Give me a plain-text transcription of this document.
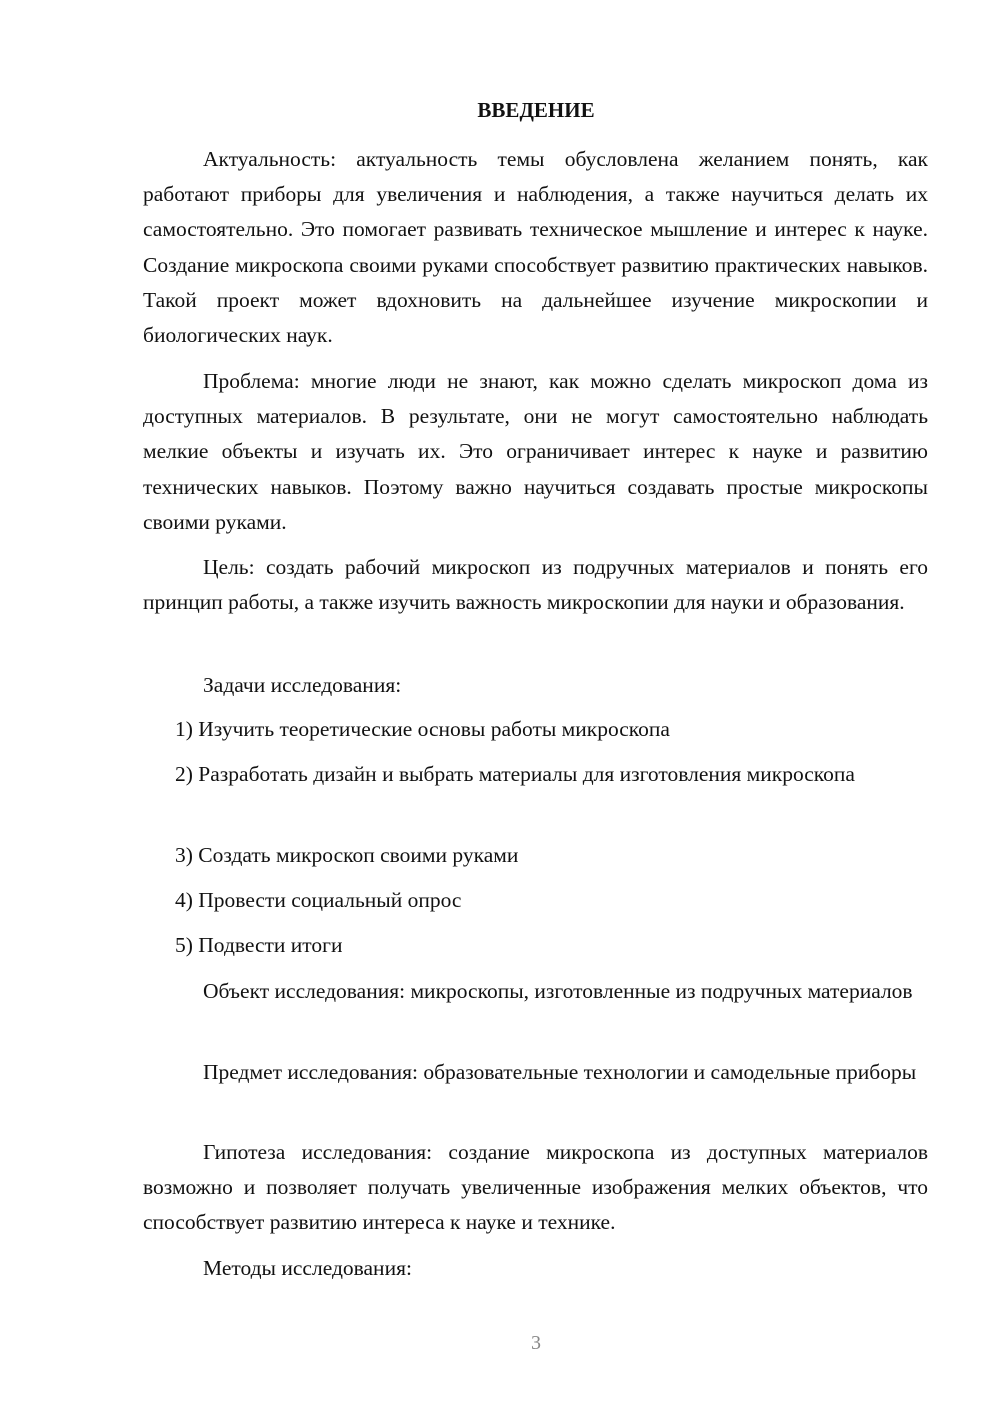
ВВЕДЕНИЕ

Актуальность: актуальность темы обусловлена желанием понять, как работают приборы для увеличения и наблюдения, а также научиться делать их самостоятельно. Это помогает развивать техническое мышление и интерес к науке. Создание микроскопа своими руками способствует развитию практических навыков. Такой проект может вдохновить на дальнейшее изучение микроскопии и биологических наук.

Проблема: многие люди не знают, как можно сделать микроскоп дома из доступных материалов. В результате, они не могут самостоятельно наблюдать мелкие объекты и изучать их. Это ограничивает интерес к науке и развитию технических навыков. Поэтому важно научиться создавать простые микроскопы своими руками.

Цель: создать рабочий микроскоп из подручных материалов и понять его принцип работы, а также изучить важность микроскопии для науки и образования.

Задачи исследования:

1) Изучить теоретические основы работы микроскопа

2) Разработать дизайн и выбрать материалы для изготовления микроскопа

3) Создать микроскоп своими руками

4) Провести социальный опрос

5) Подвести итоги

Объект исследования: микроскопы, изготовленные из подручных материалов

Предмет исследования: образовательные технологии и самодельные приборы

Гипотеза исследования: создание микроскопа из доступных материалов возможно и позволяет получать увеличенные изображения мелких объектов, что способствует развитию интереса к науке и технике.

Методы исследования:

3
